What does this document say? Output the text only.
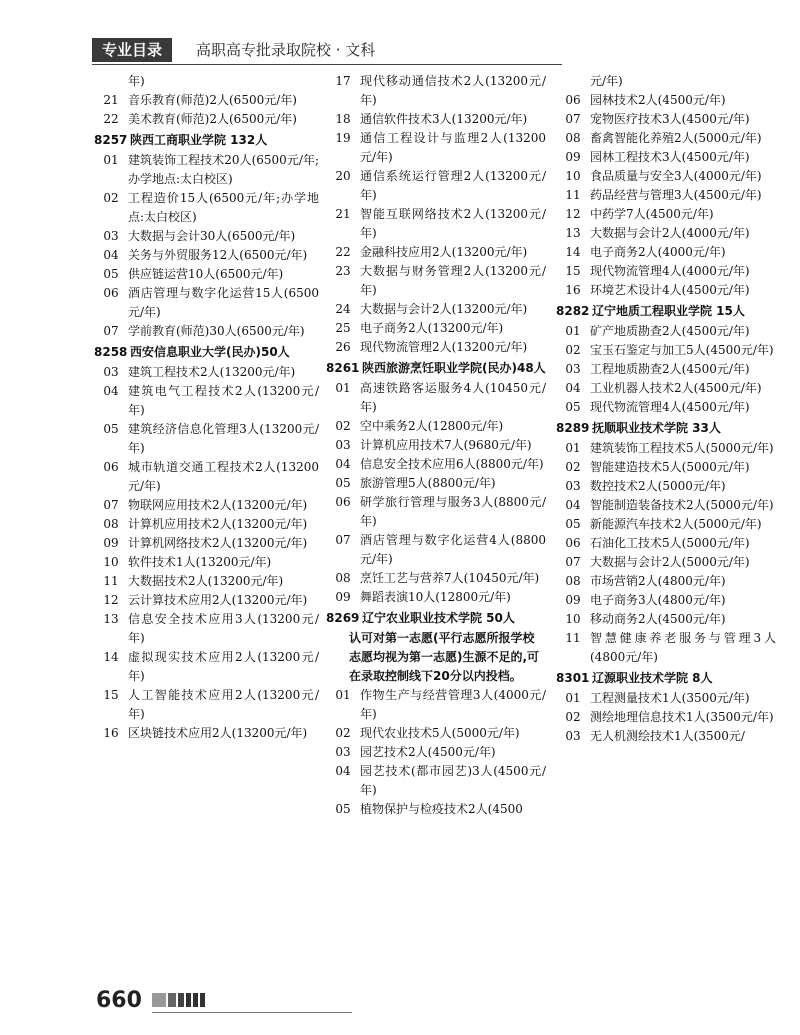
专业目录	高职高专批录取院校 · 文科
年)
21 音乐教育(师范)2人(6500元/年)
22 美术教育(师范)2人(6500元/年)
8257 陕西工商职业学院 132人
01 建筑装饰工程技术20人(6500元/年;办学地点:太白校区)
02 工程造价15人(6500元/年;办学地点:太白校区)
03 大数据与会计30人(6500元/年)
04 关务与外贸服务12人(6500元/年)
05 供应链运营10人(6500元/年)
06 酒店管理与数字化运营15人(6500元/年)
07 学前教育(师范)30人(6500元/年)
8258 西安信息职业大学(民办)50人
03 建筑工程技术2人(13200元/年)
04 建筑电气工程技术2人(13200元/年)
05 建筑经济信息化管理3人(13200元/年)
06 城市轨道交通工程技术2人(13200元/年)
07 物联网应用技术2人(13200元/年)
08 计算机应用技术2人(13200元/年)
09 计算机网络技术2人(13200元/年)
10 软件技术1人(13200元/年)
11 大数据技术2人(13200元/年)
12 云计算技术应用2人(13200元/年)
13 信息安全技术应用3人(13200元/年)
14 虚拟现实技术应用2人(13200元/年)
15 人工智能技术应用2人(13200元/年)
16 区块链技术应用2人(13200元/年)
17 现代移动通信技术2人(13200元/年)
18 通信软件技术3人(13200元/年)
19 通信工程设计与监理2人(13200元/年)
20 通信系统运行管理2人(13200元/年)
21 智能互联网络技术2人(13200元/年)
22 金融科技应用2人(13200元/年)
23 大数据与财务管理2人(13200元/年)
24 大数据与会计2人(13200元/年)
25 电子商务2人(13200元/年)
26 现代物流管理2人(13200元/年)
8261 陕西旅游烹饪职业学院(民办)48人
01 高速铁路客运服务4人(10450元/年)
02 空中乘务2人(12800元/年)
03 计算机应用技术7人(9680元/年)
04 信息安全技术应用6人(8800元/年)
05 旅游管理5人(8800元/年)
06 研学旅行管理与服务3人(8800元/年)
07 酒店管理与数字化运营4人(8800元/年)
08 烹饪工艺与营养7人(10450元/年)
09 舞蹈表演10人(12800元/年)
8269 辽宁农业职业技术学院 50人
认可对第一志愿(平行志愿所报学校志愿均视为第一志愿)生源不足的,可在录取控制线下20分以内投档。
01 作物生产与经营管理3人(4000元/年)
02 现代农业技术5人(5000元/年)
03 园艺技术2人(4500元/年)
04 园艺技术(都市园艺)3人(4500元/年)
05 植物保护与检疫技术2人(4500
元/年)
06 园林技术2人(4500元/年)
07 宠物医疗技术3人(4500元/年)
08 畜禽智能化养殖2人(5000元/年)
09 园林工程技术3人(4500元/年)
10 食品质量与安全3人(4000元/年)
11 药品经营与管理3人(4500元/年)
12 中药学7人(4500元/年)
13 大数据与会计2人(4000元/年)
14 电子商务2人(4000元/年)
15 现代物流管理4人(4000元/年)
16 环境艺术设计4人(4500元/年)
8282 辽宁地质工程职业学院 15人
01 矿产地质勘查2人(4500元/年)
02 宝玉石鉴定与加工5人(4500元/年)
03 工程地质勘查2人(4500元/年)
04 工业机器人技术2人(4500元/年)
05 现代物流管理4人(4500元/年)
8289 抚顺职业技术学院 33人
01 建筑装饰工程技术5人(5000元/年)
02 智能建造技术5人(5000元/年)
03 数控技术2人(5000元/年)
04 智能制造装备技术2人(5000元/年)
05 新能源汽车技术2人(5000元/年)
06 石油化工技术5人(5000元/年)
07 大数据与会计2人(5000元/年)
08 市场营销2人(4800元/年)
09 电子商务3人(4800元/年)
10 移动商务2人(4500元/年)
11 智慧健康养老服务与管理3人(4800元/年)
8301 辽源职业技术学院 8人
01 工程测量技术1人(3500元/年)
02 测绘地理信息技术1人(3500元/年)
03 无人机测绘技术1人(3500元/
660
